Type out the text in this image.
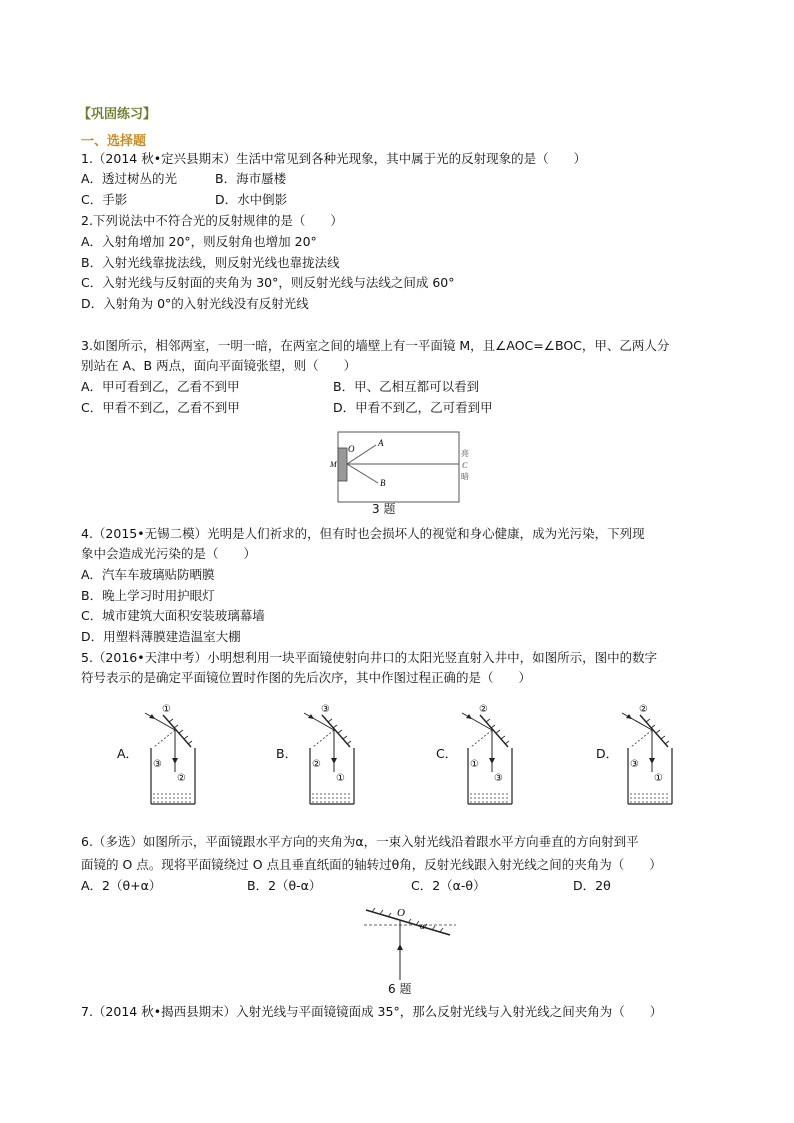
【巩固练习】
一、选择题
1.（2014 秋•定兴县期末）生活中常见到各种光现象，其中属于光的反射现象的是（　　）
A．透过树丛的光	B．海市蜃楼
C．手影	D．水中倒影
2.下列说法中不符合光的反射规律的是（　　）
A．入射角增加 20°，则反射角也增加 20°
B．入射光线靠拢法线，则反射光线也靠拢法线
C．入射光线与反射面的夹角为 30°，则反射光线与法线之间成 60°
D．入射角为 0°的入射光线没有反射光线
3.如图所示，相邻两室，一明一暗，在两室之间的墙壁上有一平面镜 M，且∠AOC=∠BOC，甲、乙两人分
别站在 A、B 两点，面向平面镜张望，则（　　）
A．甲可看到乙，乙看不到甲	B．甲、乙相互都可以看到
C．甲看不到乙，乙看不到甲	D．甲看不到乙，乙可看到甲
O
A
B
M
亮
C
暗
3 题
4.（2015•无锡二模）光明是人们祈求的，但有时也会损坏人的视觉和身心健康，成为光污染，下列现
象中会造成光污染的是（　　）
A．汽车车玻璃贴防晒膜
B．晚上学习时用护眼灯
C．城市建筑大面积安装玻璃幕墙
D．用塑料薄膜建造温室大棚
5.（2016•天津中考）小明想利用一块平面镜使射向井口的太阳光竖直射入井中，如图所示，图中的数字
符号表示的是确定平面镜位置时作图的先后次序，其中作图过程正确的是（　　）
A．
①
③
②
B．
③
②
①
C．
②
①
③
D．
②
③
①
6.（多选）如图所示，平面镜跟水平方向的夹角为α，一束入射光线沿着跟水平方向垂直的方向射到平
面镜的 O 点。现将平面镜绕过 O 点且垂直纸面的轴转过θ角，反射光线跟入射光线之间的夹角为（　　）
A．2（θ+α）	B．2（θ-α）	C．2（α-θ）	D．2θ
O
α
6 题
7.（2014 秋•揭西县期末）入射光线与平面镜镜面成 35°，那么反射光线与入射光线之间夹角为（　　）
